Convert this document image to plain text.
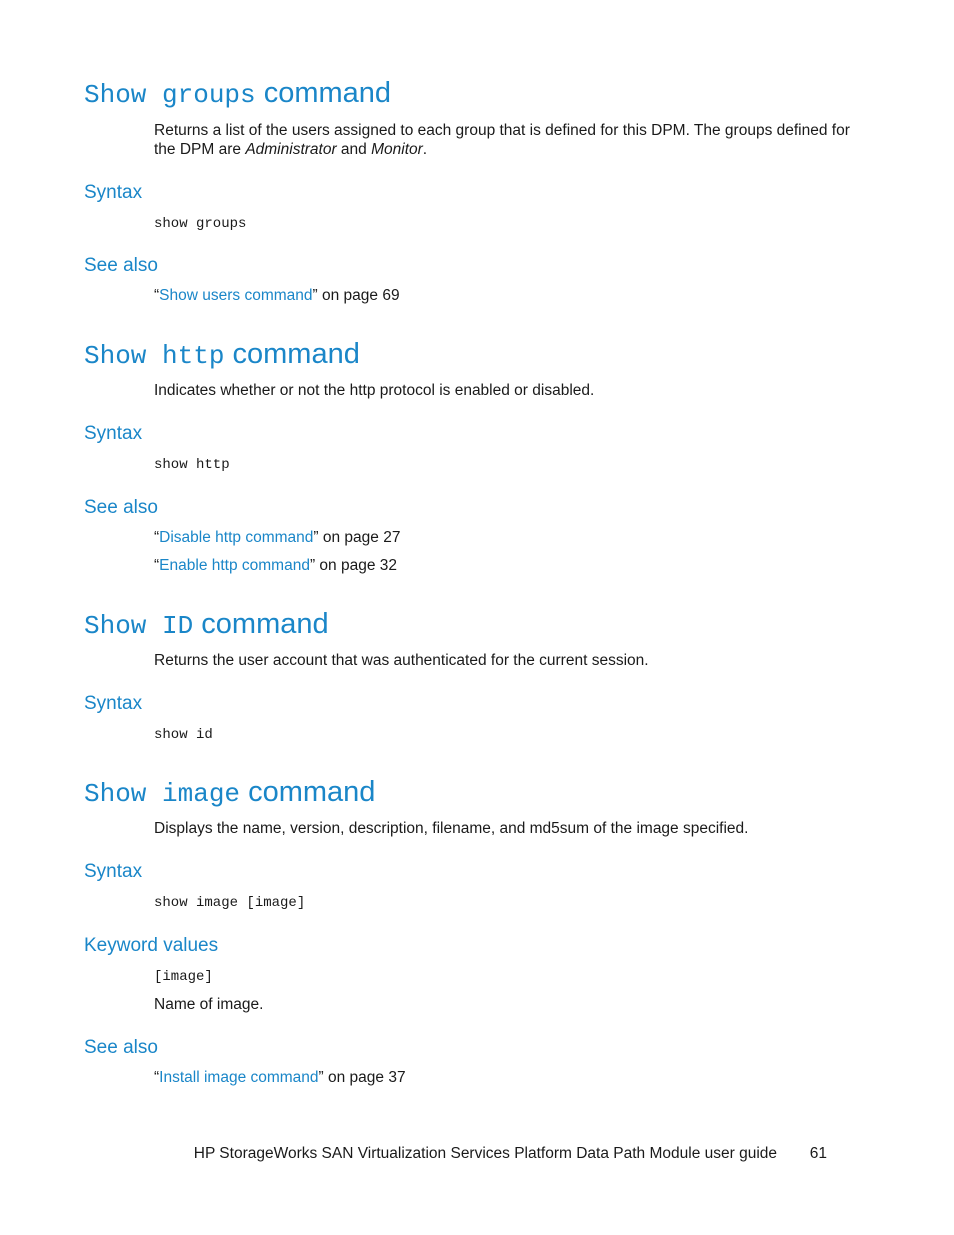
Show groups command
Returns a list of the users assigned to each group that is defined for this DPM. The groups defined for
the DPM are Administrator and Monitor.
Syntax
show groups
See also
“Show users command” on page 69
Show http command
Indicates whether or not the http protocol is enabled or disabled.
Syntax
show http
See also
“Disable http command” on page 27
“Enable http command” on page 32
Show ID command
Returns the user account that was authenticated for the current session.
Syntax
show id
Show image command
Displays the name, version, description, filename, and md5sum of the image specified.
Syntax
show image [image]
Keyword values
[image]
Name of image.
See also
“Install image command” on page 37
HP StorageWorks SAN Virtualization Services Platform Data Path Module user guide 61
